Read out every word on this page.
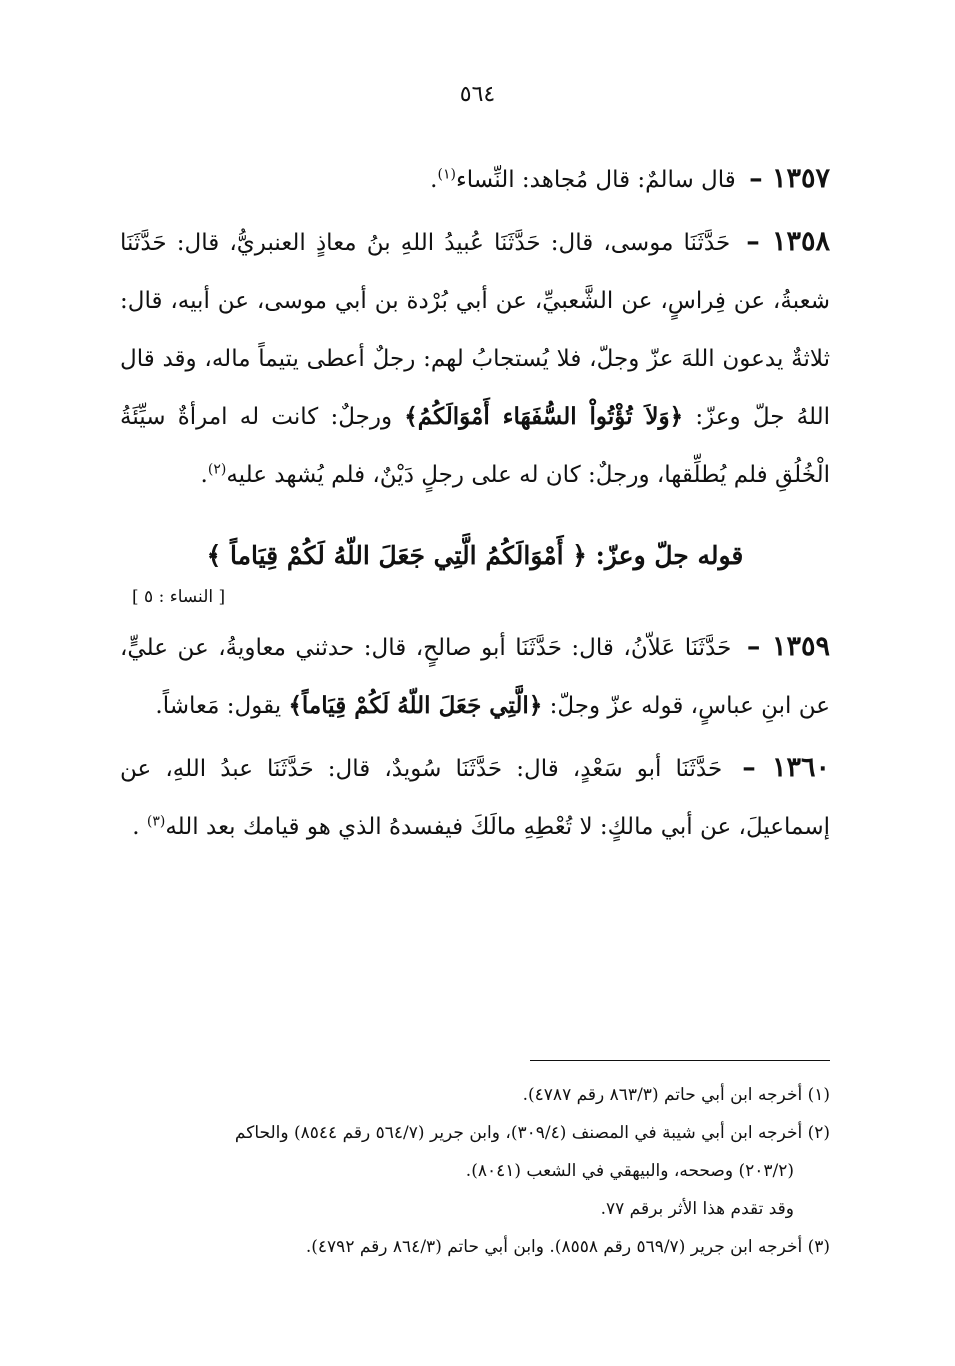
٥٦٤

١٣٥٧ – قال سالمٌ: قال مُجاهد: النِّساء$^{(١)}$.

١٣٥٨ – حَدَّثَنَا موسى، قال: حَدَّثَنَا عُبيدُ اللهِ بنُ معاذٍ العنبريُّ، قال: حَدَّثَنَا شعبةُ، عن فِراسٍ، عن الشَّعبيِّ، عن أبي بُرْدة بن أبي موسى، عن أبيه، قال: ثلاثةٌ يدعون اللهَ عزّ وجلّ، فلا يُستجابُ لهم: رجلٌ أعطى يتيماً ماله، وقد قال اللهُ جلّ وعزّ: ﴿وَلاَ تُؤْتُواْ السُّفَهَاء أَمْوَالَكُمُ﴾ ورجلٌ: كانت له امرأةٌ سيِّئَةُ الْخُلُقِ فلم يُطلِّقها، ورجلٌ: كان له على رجلٍ دَيْنٌ، فلم يُشهد عليه$^{(٢)}$.

قوله جلّ وعزّ: ﴿ أَمْوَالَكُمُ الَّتِي جَعَلَ اللّهُ لَكُمْ قِيَاماً ﴾
[ النساء : ٥ ]

١٣٥٩ – حَدَّثَنَا عَلاّنُ، قال: حَدَّثَنَا أبو صالحٍ، قال: حدثني معاويةُ، عن عليٍّ، عن ابنِ عباسٍ، قوله عزّ وجلّ: ﴿الَّتِي جَعَلَ اللّهُ لَكُمْ قِيَاماً﴾ يقول: مَعاشاً.

١٣٦٠ – حَدَّثَنَا أبو سَعْدٍ، قال: حَدَّثَنَا سُويدٌ، قال: حَدَّثَنَا عبدُ اللهِ، عن إسماعيلَ، عن أبي مالكٍ: لا تُعْطِهِ مالَكَ فيفسدهُ الذي هو قيامك بعد الله$^{(٣)}$ .

(١) أخرجه ابن أبي حاتم (٨٦٣/٣ رقم ٤٧٨٧).

(٢) أخرجه ابن أبي شيبة في المصنف (٣٠٩/٤)، وابن جرير (٥٦٤/٧ رقم ٨٥٤٤) والحاكم

(٢٠٣/٢) وصححه، والبيهقي في الشعب (٨٠٤١).

وقد تقدم هذا الأثر برقم ٧٧.

(٣) أخرجه ابن جرير (٥٦٩/٧ رقم ٨٥٥٨). وابن أبي حاتم (٨٦٤/٣ رقم ٤٧٩٢).
